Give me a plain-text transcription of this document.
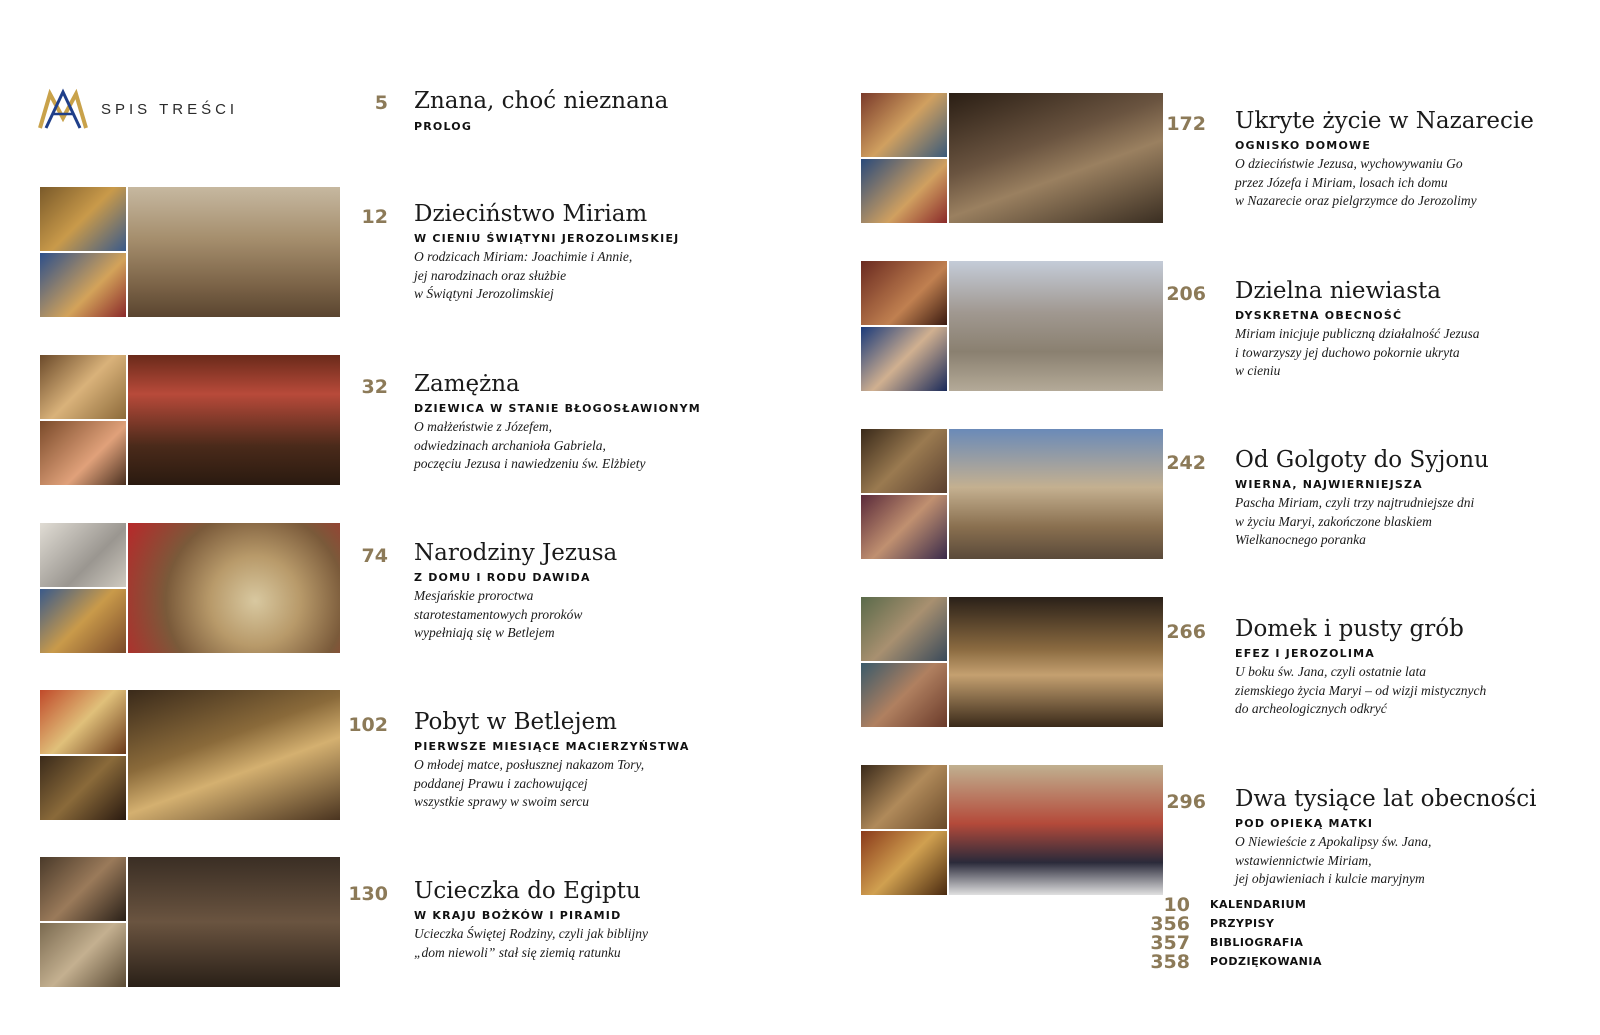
SPIS TREŚCI	5 Znana, choć nieznana
PROLOG
12 Dzieciństwo Miriam
W CIENIU ŚWIĄTYNI JEROZOLIMSKIEJ
O rodzicach Miriam: Joachimie i Annie,
jej narodzinach oraz służbie
w Świątyni Jerozolimskiej
32 Zamężna
DZIEWICA W STANIE BŁOGOSŁAWIONYM
O małżeństwie z Józefem,
odwiedzinach archanioła Gabriela,
poczęciu Jezusa i nawiedzeniu św. Elżbiety
74 Narodziny Jezusa
Z DOMU I RODU DAWIDA
Mesjańskie proroctwa
starotestamentowych proroków
wypełniają się w Betlejem
102 Pobyt w Betlejem
PIERWSZE MIESIĄCE MACIERZYŃSTWA
O młodej matce, posłusznej nakazom Tory,
poddanej Prawu i zachowującej
wszystkie sprawy w swoim sercu
130 Ucieczka do Egiptu
W KRAJU BOŻKÓW I PIRAMID
Ucieczka Świętej Rodziny, czyli jak biblijny
„dom niewoli” stał się ziemią ratunku
172 Ukryte życie w Nazarecie
OGNISKO DOMOWE
O dzieciństwie Jezusa, wychowywaniu Go
przez Józefa i Miriam, losach ich domu
w Nazarecie oraz pielgrzymce do Jerozolimy
206 Dzielna niewiasta
DYSKRETNA OBECNOŚĆ
Miriam inicjuje publiczną działalność Jezusa
i towarzyszy jej duchowo pokornie ukryta
w cieniu
242 Od Golgoty do Syjonu
WIERNA, NAJWIERNIEJSZA
Pascha Miriam, czyli trzy najtrudniejsze dni
w życiu Maryi, zakończone blaskiem
Wielkanocnego poranka
266 Domek i pusty grób
EFEZ I JEROZOLIMA
U boku św. Jana, czyli ostatnie lata
ziemskiego życia Maryi – od wizji mistycznych
do archeologicznych odkryć
296 Dwa tysiące lat obecności
POD OPIEKĄ MATKI
O Niewieście z Apokalipsy św. Jana,
wstawiennictwie Miriam,
jej objawieniach i kulcie maryjnym
10 KALENDARIUM
356 PRZYPISY
357 BIBLIOGRAFIA
358 PODZIĘKOWANIA
